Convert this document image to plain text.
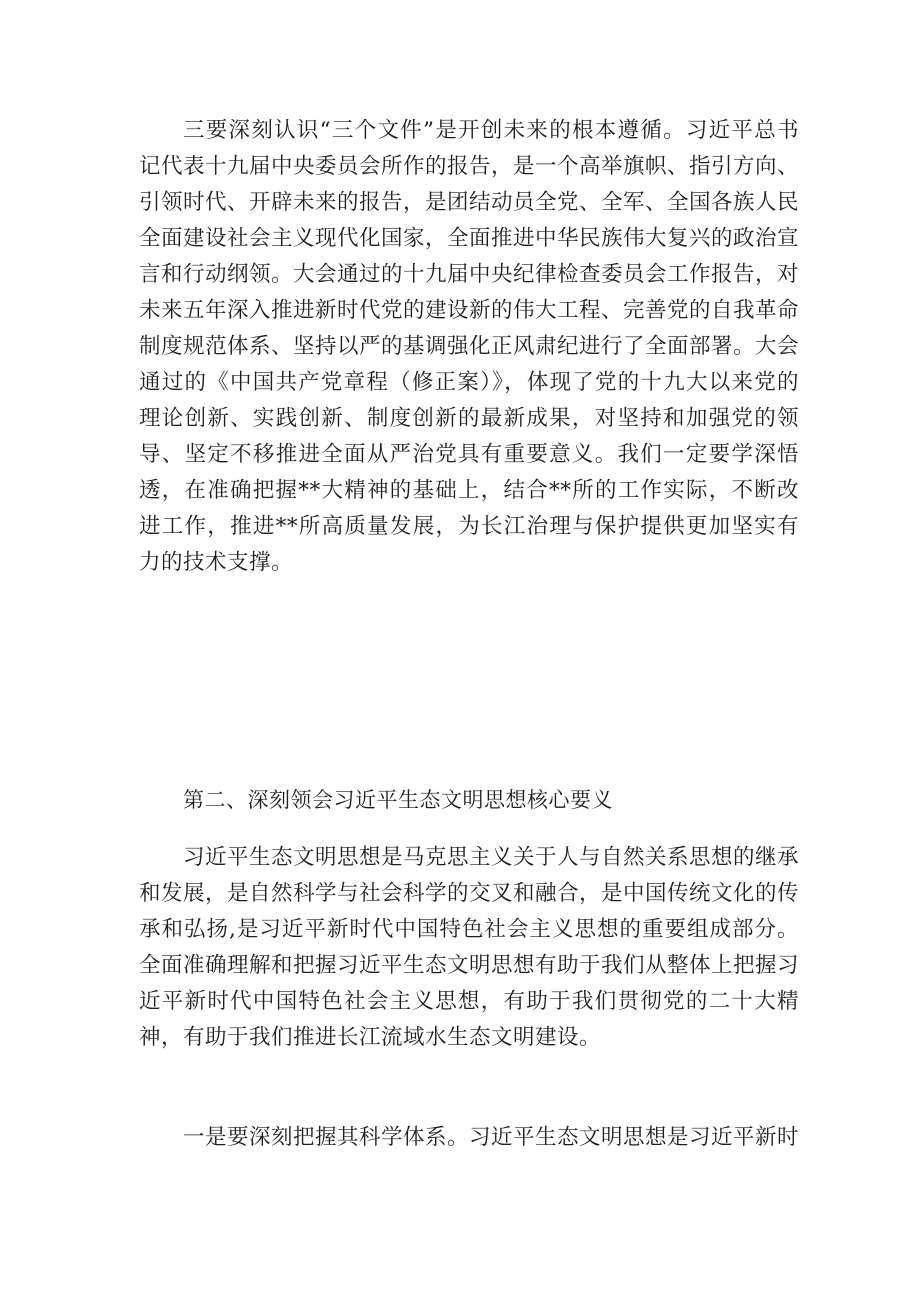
三要深刻认识“三个文件”是开创未来的根本遵循。习近平总书记代表十九届中央委员会所作的报告，是一个高举旗帜、指引方向、引领时代、开辟未来的报告，是团结动员全党、全军、全国各族人民全面建设社会主义现代化国家，全面推进中华民族伟大复兴的政治宣言和行动纲领。大会通过的十九届中央纪律检查委员会工作报告，对未来五年深入推进新时代党的建设新的伟大工程、完善党的自我革命制度规范体系、坚持以严的基调强化正风肃纪进行了全面部署。大会通过的《中国共产党章程（修正案）》，体现了党的十九大以来党的理论创新、实践创新、制度创新的最新成果，对坚持和加强党的领导、坚定不移推进全面从严治党具有重要意义。我们一定要学深悟透，在准确把握**大精神的基础上，结合**所的工作实际，不断改进工作，推进**所高质量发展，为长江治理与保护提供更加坚实有力的技术支撑。

第二、深刻领会习近平生态文明思想核心要义

习近平生态文明思想是马克思主义关于人与自然关系思想的继承和发展，是自然科学与社会科学的交叉和融合，是中国传统文化的传承和弘扬,是习近平新时代中国特色社会主义思想的重要组成部分。全面准确理解和把握习近平生态文明思想有助于我们从整体上把握习近平新时代中国特色社会主义思想，有助于我们贯彻党的二十大精神，有助于我们推进长江流域水生态文明建设。

一是要深刻把握其科学体系。习近平生态文明思想是习近平新时
